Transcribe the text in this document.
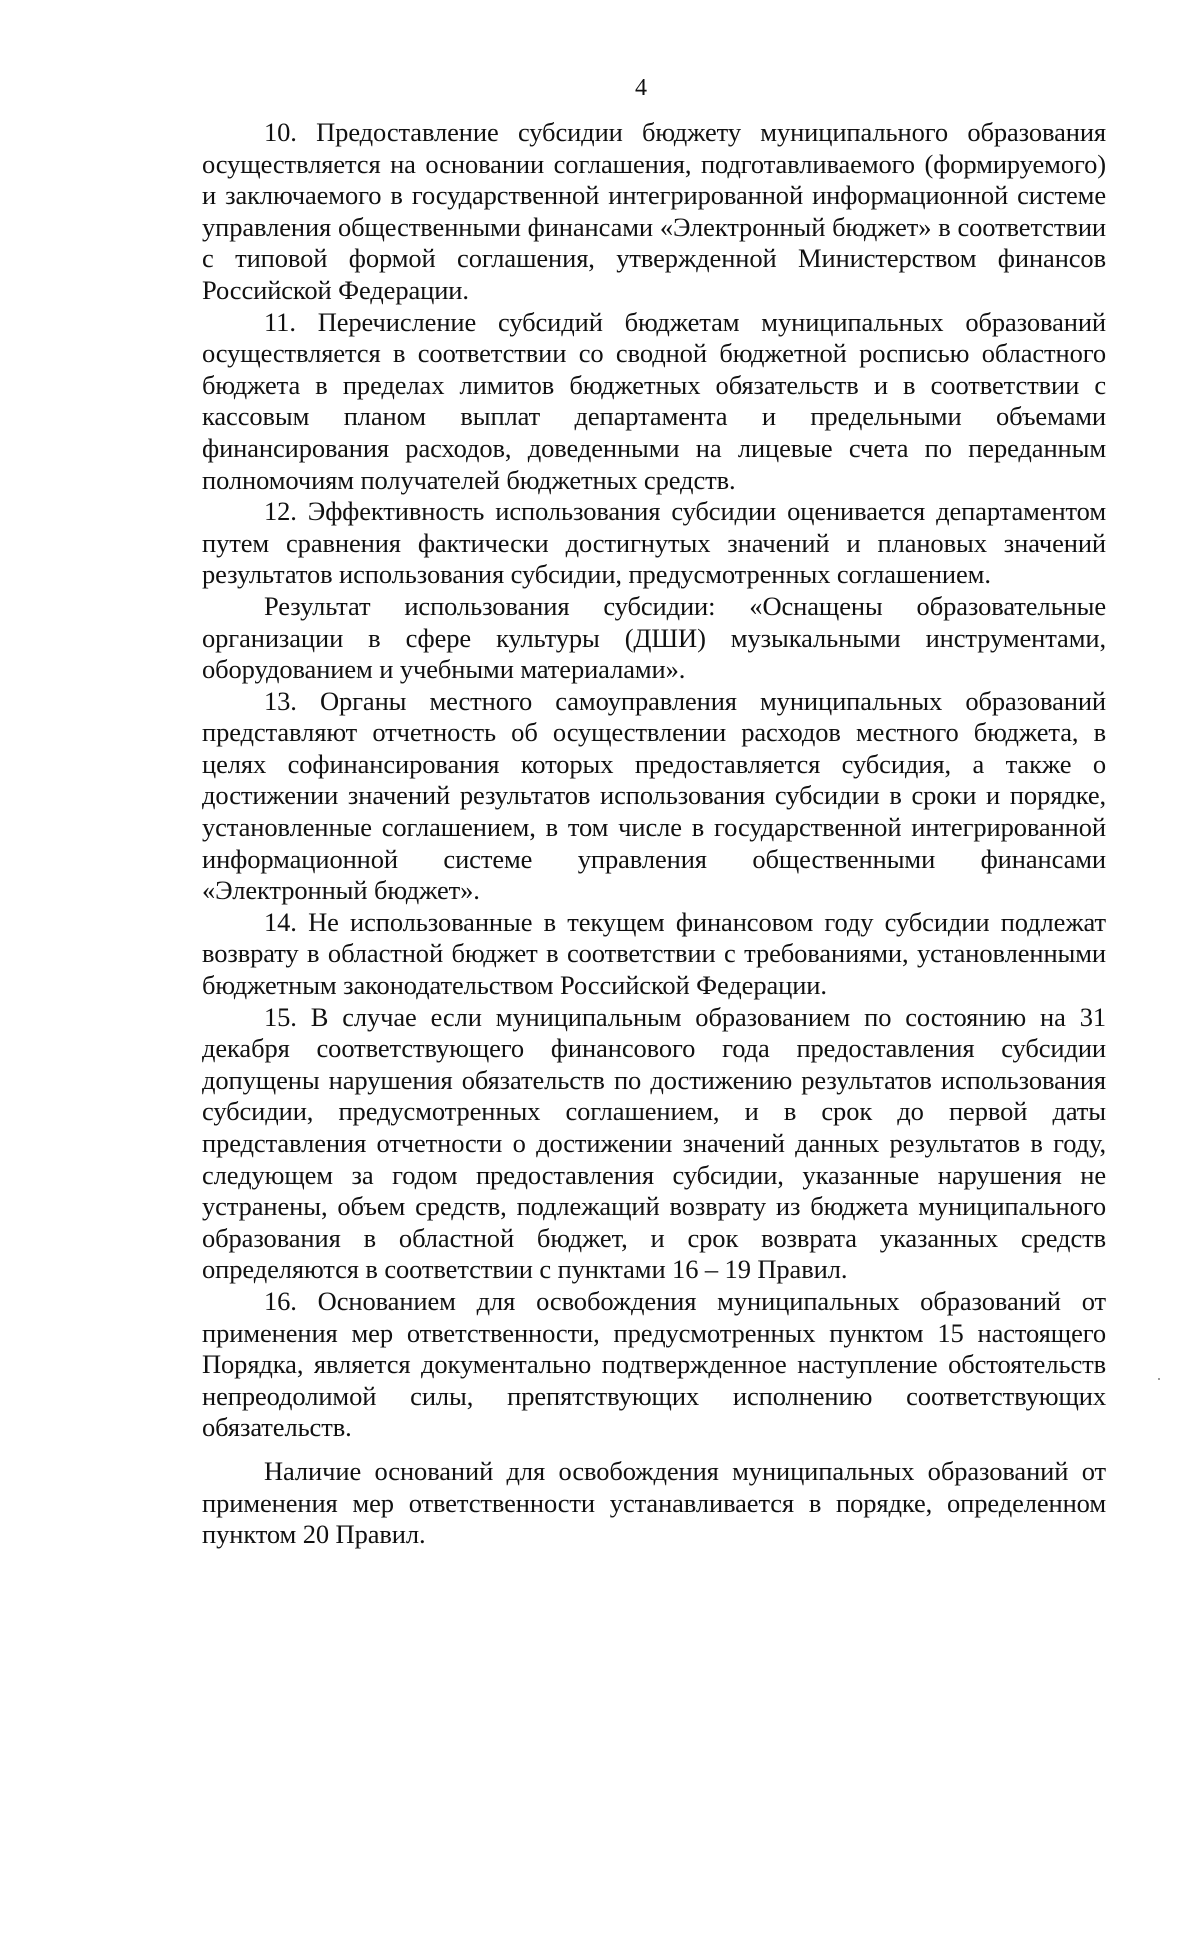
4

10. Предоставление субсидии бюджету муниципального образования осуществляется на основании соглашения, подготавливаемого (формируемого) и заключаемого в государственной интегрированной информационной системе управления общественными финансами «Электронный бюджет» в соответствии с типовой формой соглашения, утвержденной Министерством финансов Российской Федерации.

11. Перечисление субсидий бюджетам муниципальных образований осуществляется в соответствии со сводной бюджетной росписью областного бюджета в пределах лимитов бюджетных обязательств и в соответствии с кассовым планом выплат департамента и предельными объемами финансирования расходов, доведенными на лицевые счета по переданным полномочиям получателей бюджетных средств.

12. Эффективность использования субсидии оценивается департаментом путем сравнения фактически достигнутых значений и плановых значений результатов использования субсидии, предусмотренных соглашением.

Результат использования субсидии: «Оснащены образовательные организации в сфере культуры (ДШИ) музыкальными инструментами, оборудованием и учебными материалами».

13. Органы местного самоуправления муниципальных образований представляют отчетность об осуществлении расходов местного бюджета, в целях софинансирования которых предоставляется субсидия, а также о достижении значений результатов использования субсидии в сроки и порядке, установленные соглашением, в том числе в государственной интегрированной информационной системе управления общественными финансами «Электронный бюджет».

14. Не использованные в текущем финансовом году субсидии подлежат возврату в областной бюджет в соответствии с требованиями, установленными бюджетным законодательством Российской Федерации.

15. В случае если муниципальным образованием по состоянию на 31 декабря соответствующего финансового года предоставления субсидии допущены нарушения обязательств по достижению результатов использования субсидии, предусмотренных соглашением, и в срок до первой даты представления отчетности о достижении значений данных результатов в году, следующем за годом предоставления субсидии, указанные нарушения не устранены, объем средств, подлежащий возврату из бюджета муниципального образования в областной бюджет, и срок возврата указанных средств определяются в соответствии с пунктами 16 – 19 Правил.

16. Основанием для освобождения муниципальных образований от применения мер ответственности, предусмотренных пунктом 15 настоящего Порядка, является документально подтвержденное наступление обстоятельств непреодолимой силы, препятствующих исполнению соответствующих обязательств.

Наличие оснований для освобождения муниципальных образований от применения мер ответственности устанавливается в порядке, определенном пунктом 20 Правил.
